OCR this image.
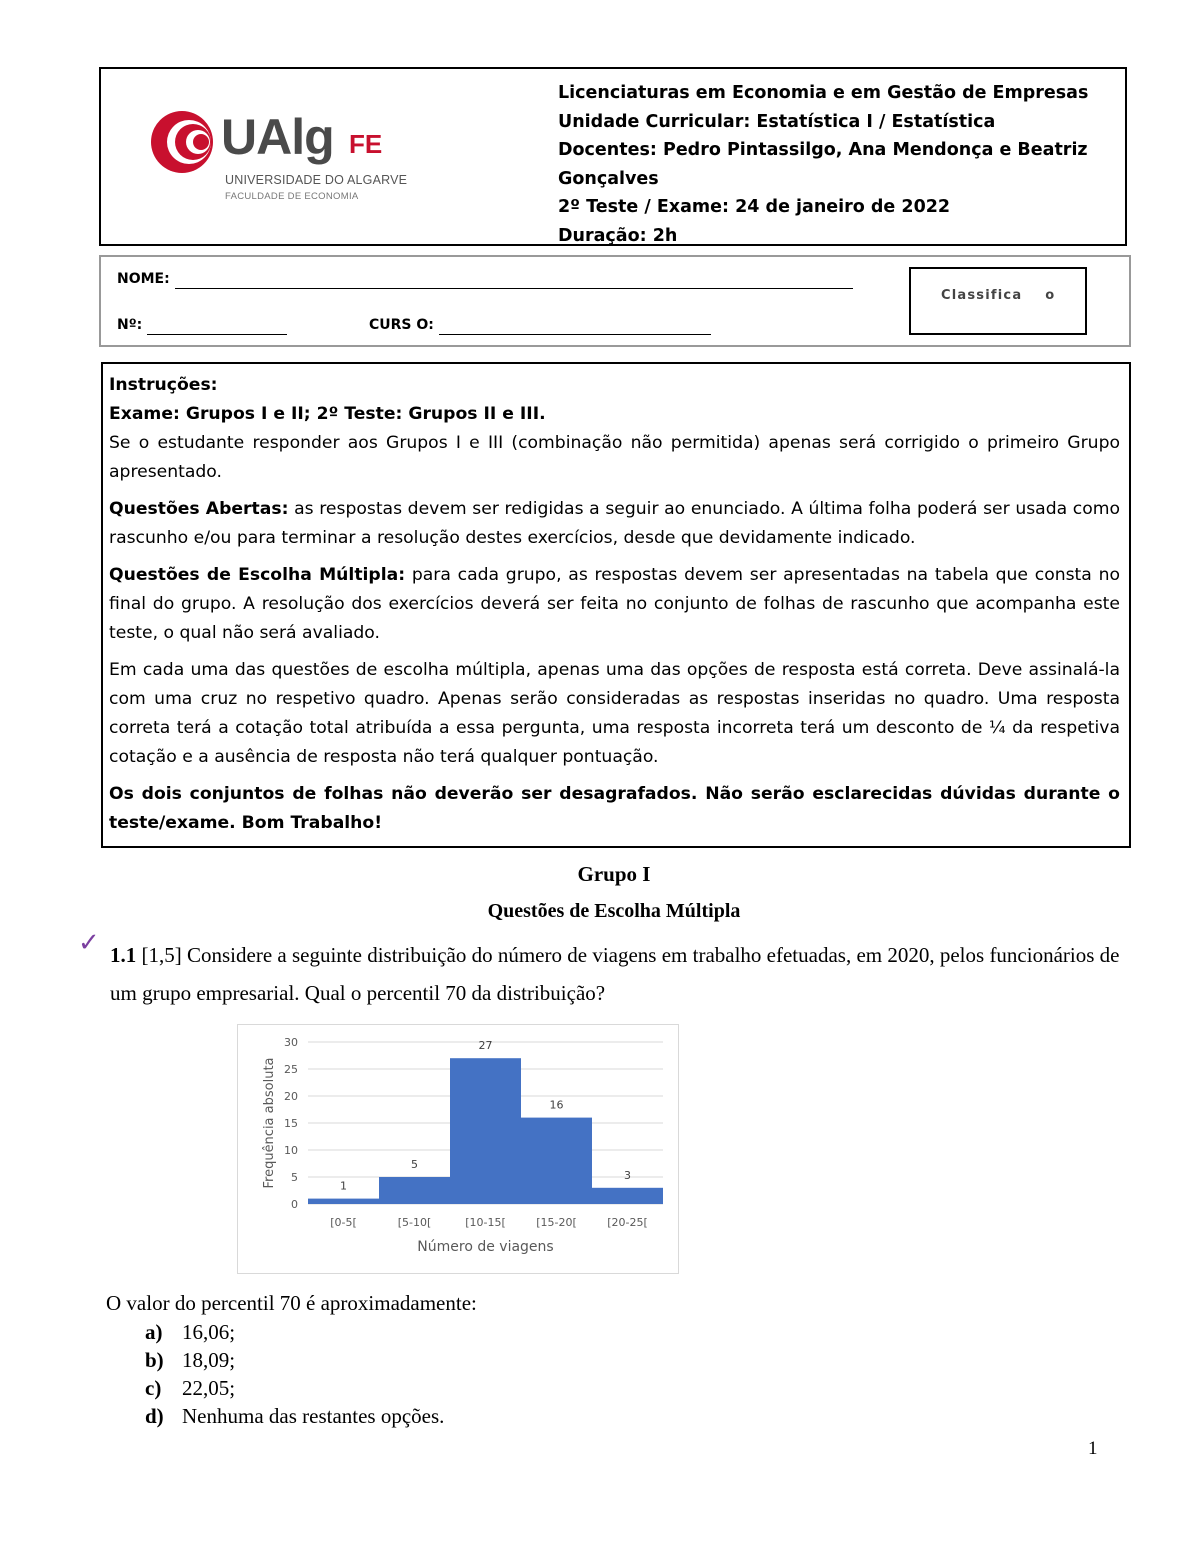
UAlg FE
UNIVERSIDADE DO ALGARVE
FACULDADE DE ECONOMIA
Licenciaturas em Economia e em Gestão de Empresas
Unidade Curricular: Estatística I / Estatística
Docentes: Pedro Pintassilgo, Ana Mendonça e Beatriz
Gonçalves
2º Teste / Exame: 24 de janeiro de 2022
Duração: 2h
NOME:
Nº:	CURS O:
Classifica    o

Instruções:

Exame: Grupos I e II; 2º Teste: Grupos II e III.

Se o estudante responder aos Grupos I e III (combinação não permitida) apenas será corrigido o primeiro Grupo apresentado.

Questões Abertas: as respostas devem ser redigidas a seguir ao enunciado. A última folha poderá ser usada como rascunho e/ou para terminar a resolução destes exercícios, desde que devidamente indicado.

Questões de Escolha Múltipla: para cada grupo, as respostas devem ser apresentadas na tabela que consta no final do grupo. A resolução dos exercícios deverá ser feita no conjunto de folhas de rascunho que acompanha este teste, o qual não será avaliado.

Em cada uma das questões de escolha múltipla, apenas uma das opções de resposta está correta. Deve assinalá-la com uma cruz no respetivo quadro. Apenas serão consideradas as respostas inseridas no quadro. Uma resposta correta terá a cotação total atribuída a essa pergunta, uma resposta incorreta terá um desconto de ¼ da respetiva cotação e a ausência de resposta não terá qualquer pontuação.

Os dois conjuntos de folhas não deverão ser desagrafados. Não serão esclarecidas dúvidas durante o teste/exame. Bom Trabalho!

Grupo I
Questões de Escolha Múltipla
✓ 1.1 [1,5] Considere a seguinte distribuição do número de viagens em trabalho efetuadas, em 2020, pelos funcionários de um grupo empresarial. Qual o percentil 70 da distribuição?
0
5
10
15
20
25
30
1
[0-5[
5
[5-10[
27
[10-15[
16
[15-20[
3
[20-25[
Número de viagens
Frequência absoluta
O valor do percentil 70 é aproximadamente:
a) 16,06;
b) 18,09;
c) 22,05;
d) Nenhuma das restantes opções.
1
